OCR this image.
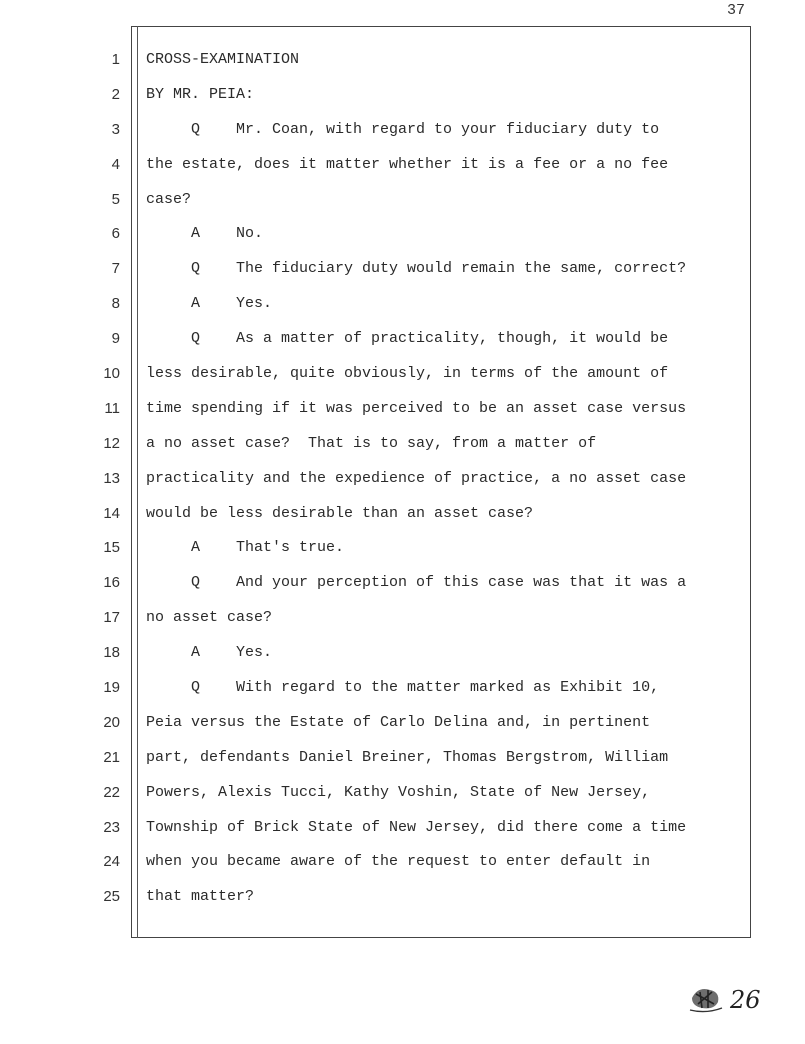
37
1
2
3
4
5
6
7
8
9
10
11
12
13
14
15
16
17
18
19
20
21
22
23
24
25
CROSS-EXAMINATION
BY MR. PEIA:
Q    Mr. Coan, with regard to your fiduciary duty to
the estate, does it matter whether it is a fee or a no fee
case?
A    No.
Q    The fiduciary duty would remain the same, correct?
A    Yes.
Q    As a matter of practicality, though, it would be
less desirable, quite obviously, in terms of the amount of
time spending if it was perceived to be an asset case versus
a no asset case?  That is to say, from a matter of
practicality and the expedience of practice, a no asset case
would be less desirable than an asset case?
A    That's true.
Q    And your perception of this case was that it was a
no asset case?
A    Yes.
Q    With regard to the matter marked as Exhibit 10,
Peia versus the Estate of Carlo Delina and, in pertinent
part, defendants Daniel Breiner, Thomas Bergstrom, William
Powers, Alexis Tucci, Kathy Voshin, State of New Jersey,
Township of Brick State of New Jersey, did there come a time
when you became aware of the request to enter default in
that matter?
26
